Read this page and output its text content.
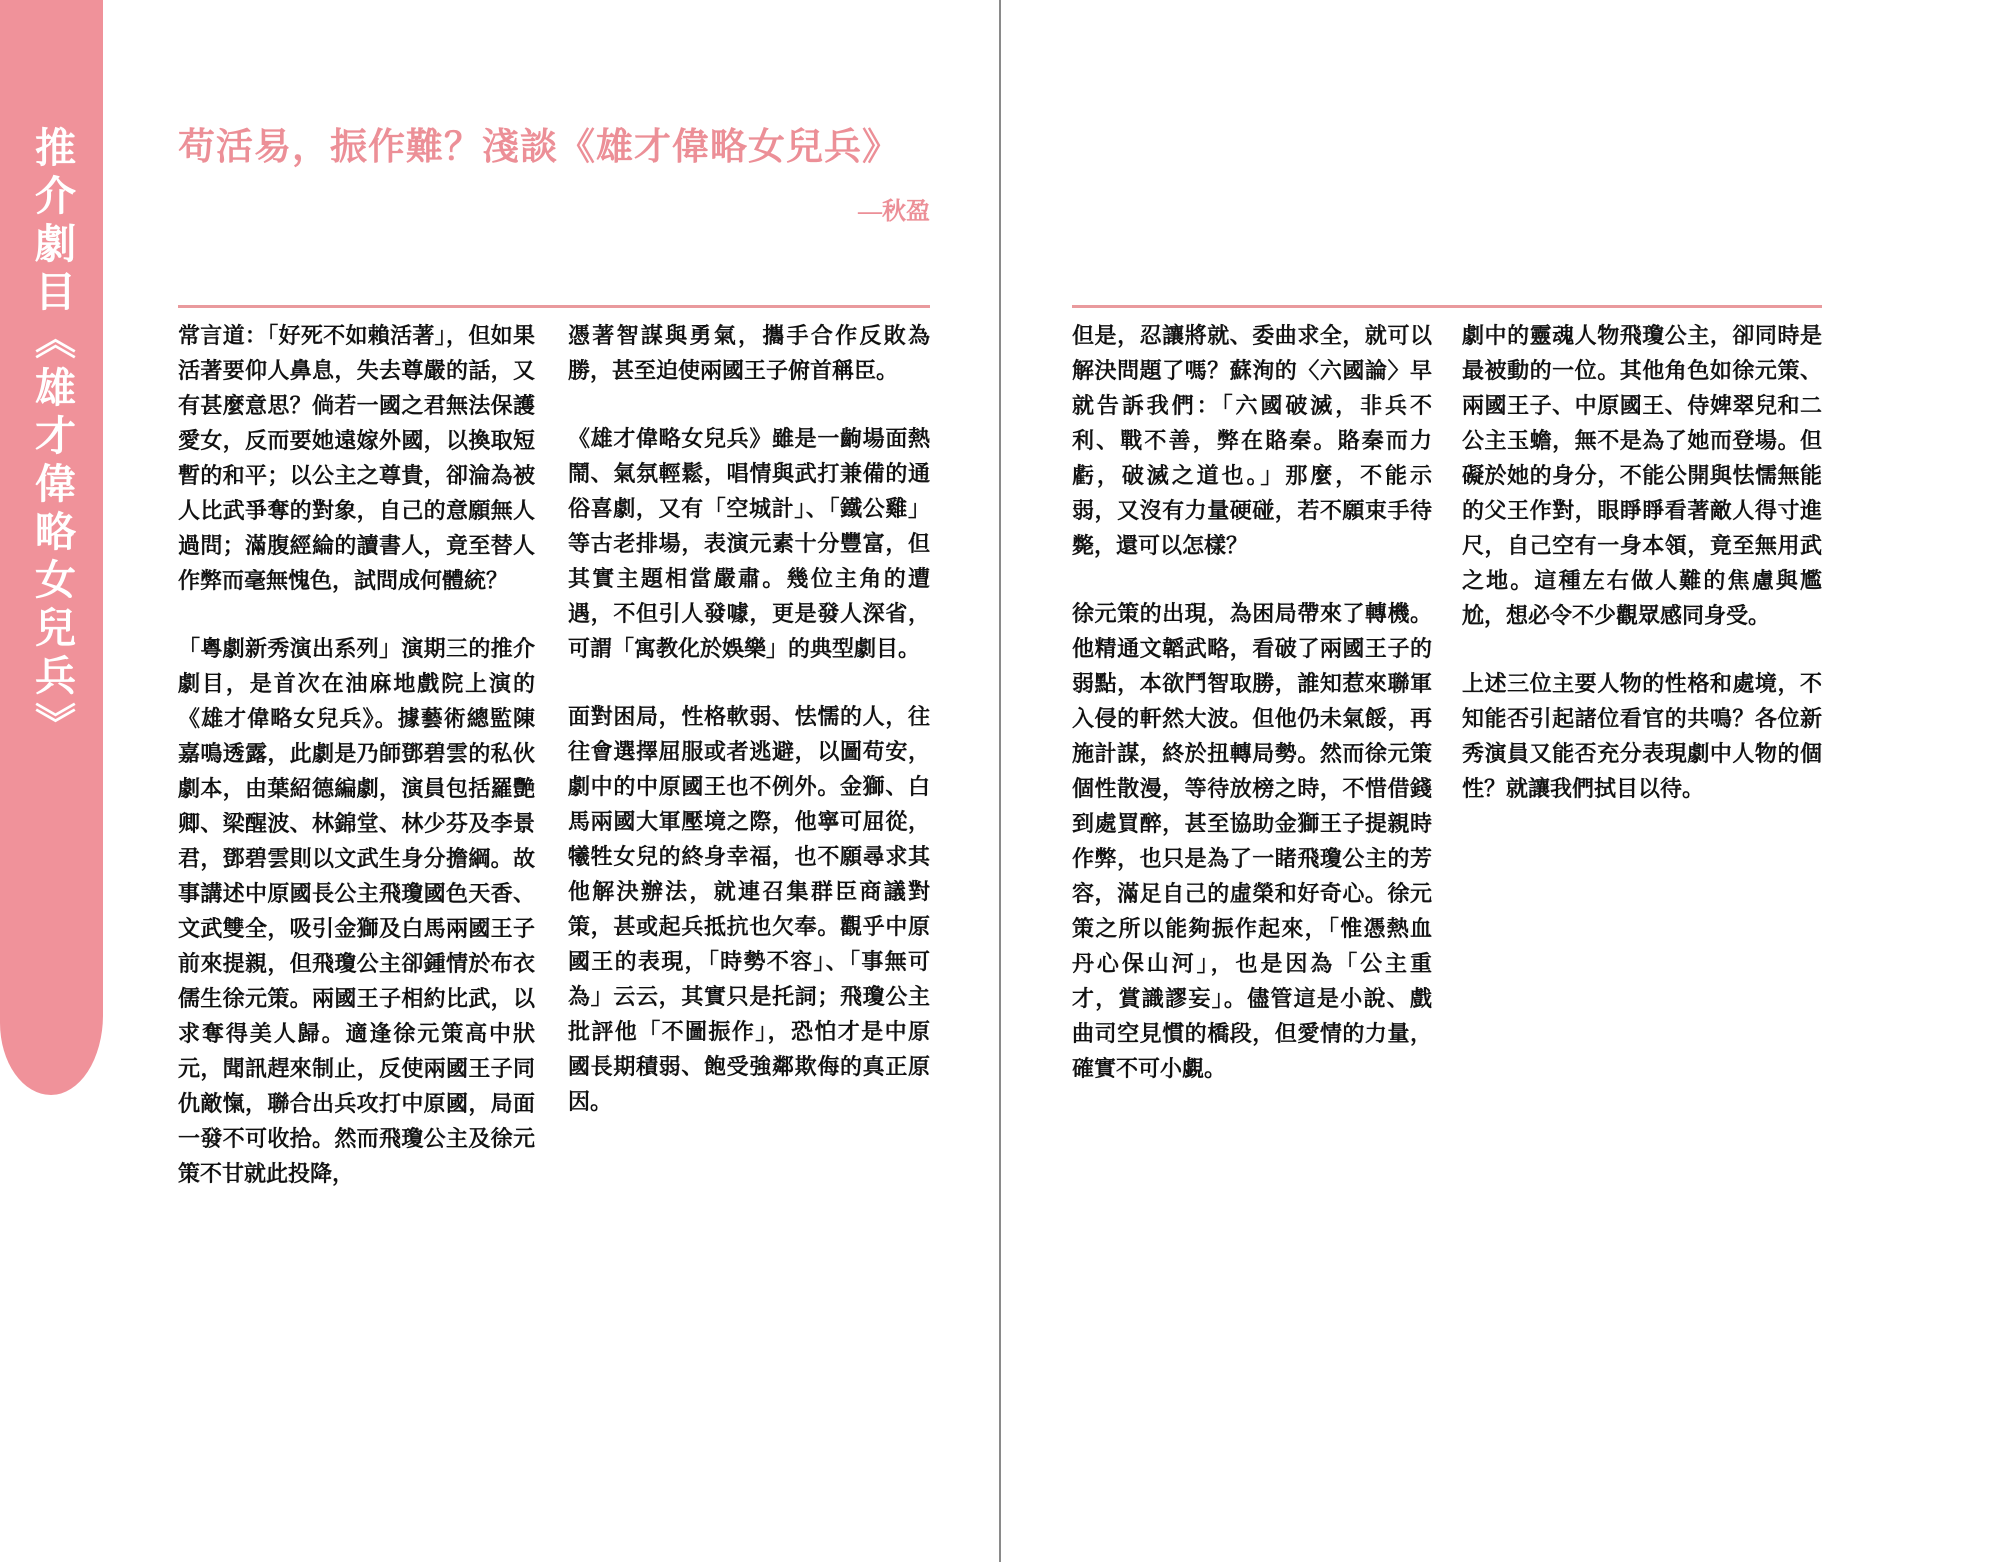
推介劇目《雄才偉略女兒兵》	苟活易，振作難？淺談《雄才偉略女兒兵》
—秋盈

常言道：「好死不如賴活著」，但如果活著要仰人鼻息，失去尊嚴的話，又有甚麼意思？倘若一國之君無法保護愛女，反而要她遠嫁外國，以換取短暫的和平；以公主之尊貴，卻淪為被人比武爭奪的對象，自己的意願無人過問；滿腹經綸的讀書人，竟至替人作弊而毫無愧色，試問成何體統？

「粵劇新秀演出系列」演期三的推介劇目，是首次在油麻地戲院上演的《雄才偉略女兒兵》。據藝術總監陳嘉鳴透露，此劇是乃師鄧碧雲的私伙劇本，由葉紹德編劇，演員包括羅艷卿、梁醒波、林錦堂、林少芬及李景君，鄧碧雲則以文武生身分擔綱。故事講述中原國長公主飛瓊國色天香、文武雙全，吸引金獅及白馬兩國王子前來提親，但飛瓊公主卻鍾情於布衣儒生徐元策。兩國王子相約比武，以求奪得美人歸。適逢徐元策高中狀元，聞訊趕來制止，反使兩國王子同仇敵愾，聯合出兵攻打中原國，局面一發不可收拾。然而飛瓊公主及徐元策不甘就此投降，

憑著智謀與勇氣，攜手合作反敗為勝，甚至迫使兩國王子俯首稱臣。

《雄才偉略女兒兵》雖是一齣場面熱鬧、氣氛輕鬆，唱情與武打兼備的通俗喜劇，又有「空城計」、「鐵公雞」等古老排場，表演元素十分豐富，但其實主題相當嚴肅。幾位主角的遭遇，不但引人發噱，更是發人深省，可謂「寓教化於娛樂」的典型劇目。

面對困局，性格軟弱、怯懦的人，往往會選擇屈服或者逃避，以圖苟安，劇中的中原國王也不例外。金獅、白馬兩國大軍壓境之際，他寧可屈從，犧牲女兒的終身幸福，也不願尋求其他解決辦法，就連召集群臣商議對策，甚或起兵抵抗也欠奉。觀乎中原國王的表現，「時勢不容」、「事無可為」云云，其實只是托詞；飛瓊公主批評他「不圖振作」，恐怕才是中原國長期積弱、飽受強鄰欺侮的真正原因。

但是，忍讓將就、委曲求全，就可以解決問題了嗎？蘇洵的〈六國論〉早就告訴我們：「六國破滅，非兵不利、戰不善，弊在賂秦。賂秦而力虧，破滅之道也。」那麼，不能示弱，又沒有力量硬碰，若不願束手待斃，還可以怎樣？

徐元策的出現，為困局帶來了轉機。他精通文韜武略，看破了兩國王子的弱點，本欲鬥智取勝，誰知惹來聯軍入侵的軒然大波。但他仍未氣餒，再施計謀，終於扭轉局勢。然而徐元策個性散漫，等待放榜之時，不惜借錢到處買醉，甚至協助金獅王子提親時作弊，也只是為了一睹飛瓊公主的芳容，滿足自己的虛榮和好奇心。徐元策之所以能夠振作起來，「惟憑熱血丹心保山河」，也是因為「公主重才，賞識謬妄」。儘管這是小說、戲曲司空見慣的橋段，但愛情的力量，確實不可小覷。

劇中的靈魂人物飛瓊公主，卻同時是最被動的一位。其他角色如徐元策、兩國王子、中原國王、侍婢翠兒和二公主玉蟾，無不是為了她而登場。但礙於她的身分，不能公開與怯懦無能的父王作對，眼睜睜看著敵人得寸進尺，自己空有一身本領，竟至無用武之地。這種左右做人難的焦慮與尷尬，想必令不少觀眾感同身受。

上述三位主要人物的性格和處境，不知能否引起諸位看官的共鳴？各位新秀演員又能否充分表現劇中人物的個性？就讓我們拭目以待。
